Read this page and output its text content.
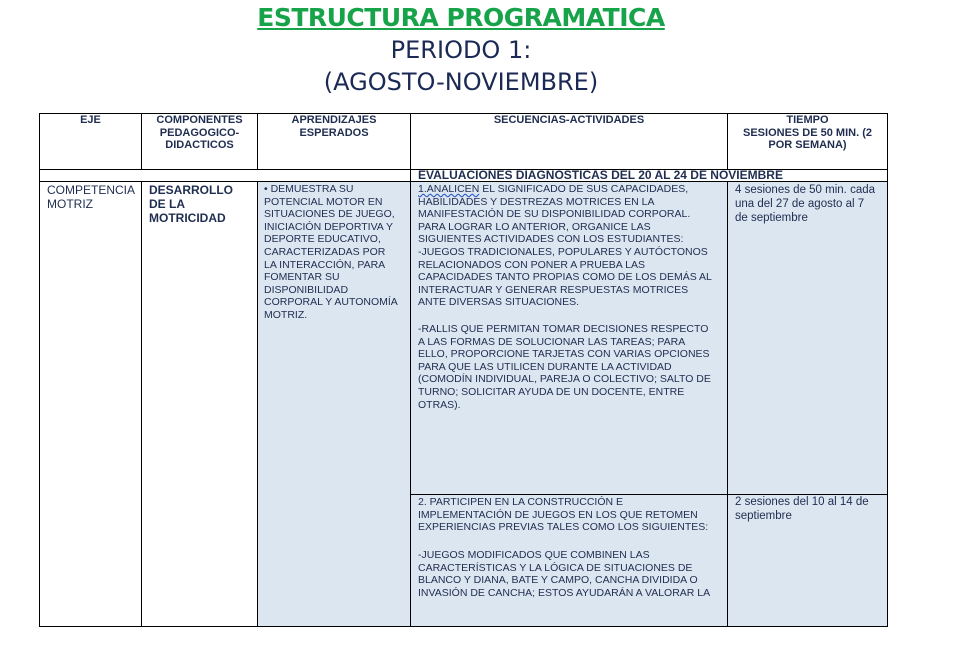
ESTRUCTURA PROGRAMATICA
PERIODO 1:
(AGOSTO-NOVIEMBRE)
EJE	COMPONENTES
PEDAGOGICO-
DIDACTICOS
APRENDIZAJES
ESPERADOS
SECUENCIAS-ACTIVIDADES	TIEMPO
SESIONES DE 50 MIN. (2
POR SEMANA)
EVALUACIONES DIAGNOSTICAS DEL 20 AL 24 DE NOVIEMBRE
COMPETENCIA
MOTRIZ
DESARROLLO
DE LA
MOTRICIDAD
• DEMUESTRA SU
POTENCIAL MOTOR EN
SITUACIONES DE JUEGO,
INICIACIÓN DEPORTIVA Y
DEPORTE EDUCATIVO,
CARACTERIZADAS POR
LA INTERACCIÓN, PARA
FOMENTAR SU
DISPONIBILIDAD
CORPORAL Y AUTONOMÍA
MOTRIZ.
1.ANALICEN EL SIGNIFICADO DE SUS CAPACIDADES,
HABILIDADES Y DESTREZAS MOTRICES EN LA
MANIFESTACIÓN DE SU DISPONIBILIDAD CORPORAL.
PARA LOGRAR LO ANTERIOR, ORGANICE LAS
SIGUIENTES ACTIVIDADES CON LOS ESTUDIANTES:
-JUEGOS TRADICIONALES, POPULARES Y AUTÓCTONOS
RELACIONADOS CON PONER A PRUEBA LAS
CAPACIDADES TANTO PROPIAS COMO DE LOS DEMÁS AL
INTERACTUAR Y GENERAR RESPUESTAS MOTRICES
ANTE DIVERSAS SITUACIONES.
-RALLIS QUE PERMITAN TOMAR DECISIONES RESPECTO
A LAS FORMAS DE SOLUCIONAR LAS TAREAS; PARA
ELLO, PROPORCIONE TARJETAS CON VARIAS OPCIONES
PARA QUE LAS UTILICEN DURANTE LA ACTIVIDAD
(COMODÍN INDIVIDUAL, PAREJA O COLECTIVO; SALTO DE
TURNO; SOLICITAR AYUDA DE UN DOCENTE, ENTRE
OTRAS).
4 sesiones de 50 min. cada
una del 27 de agosto al 7
de septiembre
2. PARTICIPEN EN LA CONSTRUCCIÓN E
IMPLEMENTACIÓN DE JUEGOS EN LOS QUE RETOMEN
EXPERIENCIAS PREVIAS TALES COMO LOS SIGUIENTES:
-JUEGOS MODIFICADOS QUE COMBINEN LAS
CARACTERÍSTICAS Y LA LÓGICA DE SITUACIONES DE
BLANCO Y DIANA, BATE Y CAMPO, CANCHA DIVIDIDA O
INVASIÓN DE CANCHA; ESTOS AYUDARÁN A VALORAR LA
2 sesiones del 10 al 14 de
septiembre
